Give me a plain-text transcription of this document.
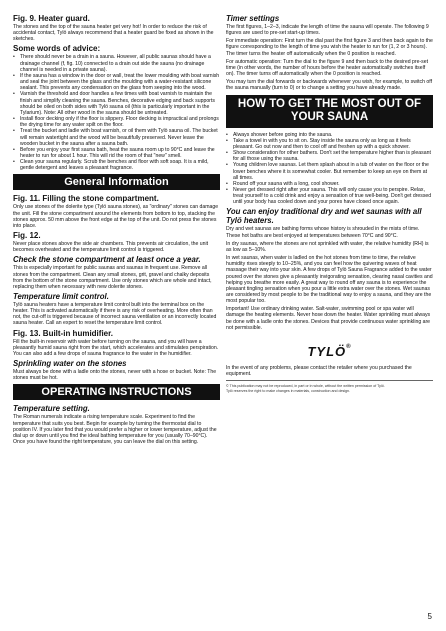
Fig. 9. Heater guard.

The stones and the top of the sauna heater get very hot! In order to reduce the risk of accidental contact, Tylö always recommend that a heater guard be fixed as shown in the sketches.

Some words of advice:
• There should never be a drain in a sauna. However, all public saunas should have a drainage channel (f, fig. 10) connected to a drain out side the sauna (no drainage channel is needed in a private sauna).
• If the sauna has a window in the door or wall, treat the lower moulding with boat varnish and seal the joint between the glass and the moulding with a water-resistant silicone sealant. This prevents any condensation on the glass from seeping into the wood.
• Varnish the threshold and door handles a few times with boat varnish to maintain the finish and simplify cleaning the sauna. Benches, decorative edging and back supports should be oiled on both sides with Tylö sauna oil (this is particularly important in the Tylarium). Note: All other wood in the sauna should be untreated.
• Install floor decking only if the floor is slippery. Floor decking is impractical and prolongs the drying time for any water spilt on the floor.
• Treat the bucket and ladle with boat varnish, or oil them with Tylö sauna oil. The bucket will remain watertight and the wood will be beautifully preserved. Never leave the wooden bucket in the sauna after a sauna bath.
• Before you enjoy your first sauna bath, heat the sauna room up to 90°C and leave the heater to run for about 1 hour. This will rid the room of that "new" smell.
• Clean your sauna regularly. Scrub the benches and floor with soft soap. It is a mild, gentle detergent and leaves a pleasant fragrance.
General Information
Fig. 11. Filling the stone compartment.

Only use stones of the dolerite type (Tylö sauna stones), as "ordinary" stones can damage the unit. Fill the stone compartment around the elements from bottom to top, stacking the stones approx. 50 mm above the front edge at the top of the unit. Do not press the stones into place.

Fig. 12.

Never place stones above the side air chambers. This prevents air circulation, the unit becomes overheated and the temperature limit control is triggered.

Check the stone compartment at least once a year.

This is especially important for public saunas and saunas in frequent use. Remove all stones from the compartment. Clean any small stones, grit, gravel and chalky deposits from the bottom of the stone compartment. Use only stones which are whole and intact, replacing them when necessary with new dolerite stones.

Temperature limit control.

Tylö sauna heaters have a temperature limit control built into the terminal box on the heater. This is activated automatically if there is any risk of overheating. More often than not, the cut-off is triggered because of incorrect sauna ventilation or an incorrectly located sauna heater. Call an expert to reset the temperature limit control.

Fig. 13. Built-in humidifier.

Fill the built-in reservoir with water before turning on the sauna, and you will have a pleasantly humid sauna right from the start, which accelerates and stimulates perspiration. You can also add a few drops of sauna fragrance to the water in the humidifier.

Sprinkling water on the stones

Must always be done with a ladle onto the stones, never with a hose or bucket. Note: The stones must be hot.

OPERATING INSTRUCTIONS
Temperature setting.

The Roman numerals indicate a rising temperature scale. Experiment to find the temperature that suits you best. Begin for example by turning the thermostat dial to position IV. If you later find that you would prefer a higher or lower temperature, adjust the dial up or down until you find the ideal bathing temperature for you (usually 70–90°C). Once you have found the right temperature, you can leave the dial on this setting.

Timer settings

The first figures, 1–2–3, indicate the length of time the sauna will operate. The following 9 figures are used to pre-set start-up times.

For immediate operation: First turn the dial past the first figure 3 and then back again to the figure corresponding to the length of time you wish the heater to run for (1, 2 or 3 hours). The timer turns the heater off automatically when the 0 position is reached.

For automatic operation: Turn the dial to the figure 9 and then back to the desired pre-set time (in other words, the number of hours before the heater automatically switches itself on). The timer turns off automatically when the 0 position is reached.

You may turn the dial forwards or backwards whenever you wish, for example, to switch off the sauna manually (turn to 0) or to change a setting you have already made.

HOW TO GET THE MOST OUT OF YOUR SAUNA
• Always shower before going into the sauna.
• Take a towel in with you to sit on. Stay inside the sauna only as long as it feels pleasant. Go out now and then to cool off and freshen up with a quick shower.
• Show consideration for other bathers. Don't set the temperature higher than is pleasant for all those using the sauna.
• Young children love saunas. Let them splash about in a tub of water on the floor or the lower benches where it is somewhat cooler. But remember to keep an eye on them at all times.
• Round off your sauna with a long, cool shower.
• Never get dressed right after your sauna. This will only cause you to perspire. Relax, treat yourself to a cold drink and enjoy a sensation of true well-being. Don't get dressed until your body has cooled down and your pores have closed once again.
You can enjoy traditional dry and wet saunas with all Tylö heaters.

Dry and wet saunas are bathing forms whose history is shrouded in the mists of time. These hot baths are best enjoyed at temperatures between 70°C and 90°C.

In dry saunas, where the stones are not sprinkled with water, the relative humidity (RH) is as low as 5–10%.

In wet saunas, when water is ladled on the hot stones from time to time, the relative humidity rises steeply to 10–25%, and you can feel how the quivering waves of heat massage their way into your skin. A few drops of Tylö Sauna Fragrance added to the water poured over the stones give a pleasantly invigorating sensation, clearing nasal cavities and helping you breathe more easily. A great way to round off any sauna is to experience the pleasant tingling sensation when you pour a little extra water over the stones. Wet saunas are considered by most people to be the traditional way to enjoy a sauna, and they are the most popular too.

Important! Use ordinary drinking water. Salt-water, swimming pool or spa water will damage the heating elements. Never hose down the heater. Water sprinkling must always be done with a ladle onto the stones. Devices that provide continuous water sprinkling are not permissible.

TYLÖ®

In the event of any problems, please contact the retailer where you purchased the equipment.

© This publication may not be reproduced, in part or in whole, without the written permission of Tylö.

Tylö reserves the right to make changes in materials, construction and design.

5
